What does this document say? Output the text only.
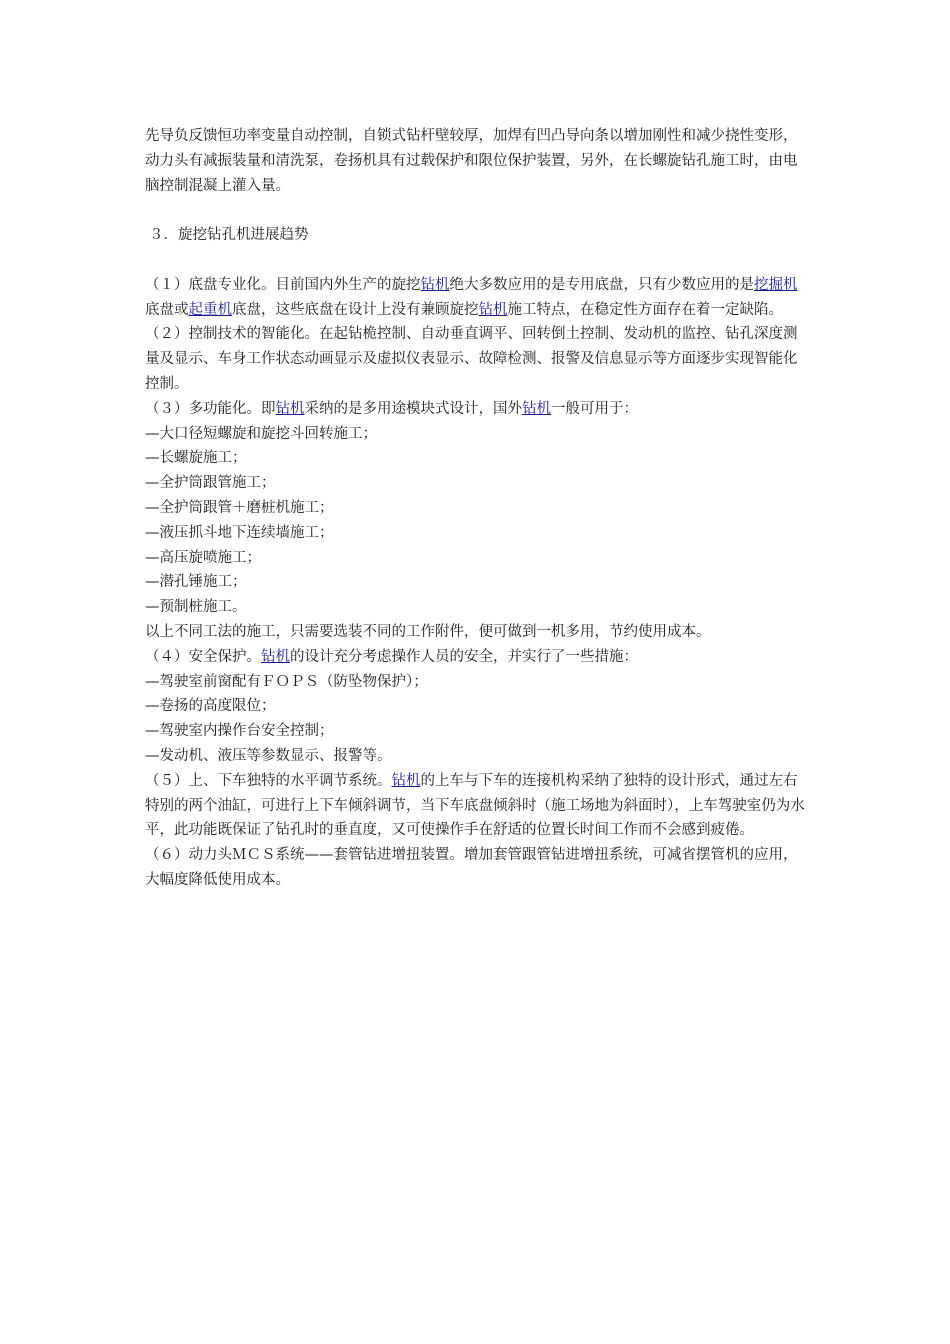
先导负反馈恒功率变量自动控制，自锁式钻杆壁较厚，加焊有凹凸导向条以增加刚性和减少挠性变形，动力头有减振装量和清洗泵，卷扬机具有过载保护和限位保护装置，另外，在长螺旋钻孔施工时，由电脑控制混凝上灌入量。

３．旋挖钻孔机进展趋势

（１）底盘专业化。目前国内外生产的旋挖钻机绝大多数应用的是专用底盘，只有少数应用的是挖掘机底盘或起重机底盘，这些底盘在设计上没有兼顾旋挖钻机施工特点，在稳定性方面存在着一定缺陷。

（２）控制技术的智能化。在起钻桅控制、自动垂直调平、回转倒土控制、发动机的监控、钻孔深度测量及显示、车身工作状态动画显示及虚拟仪表显示、故障检测、报警及信息显示等方面逐步实现智能化控制。

（３）多功能化。即钻机采纳的是多用途模块式设计，国外钻机一般可用于：

—大口径短螺旋和旋挖斗回转施工；

—长螺旋施工；

—全护筒跟管施工；

—全护筒跟管＋磨桩机施工；

—液压抓斗地下连续墙施工；

—高压旋喷施工；

—潜孔锤施工；

—预制桩施工。

以上不同工法的施工，只需要选装不同的工作附件，便可做到一机多用，节约使用成本。

（４）安全保护。钻机的设计充分考虑操作人员的安全，并实行了一些措施：

—驾驶室前窗配有ＦＯＰＳ（防坠物保护）；

—卷扬的高度限位；

—驾驶室内操作台安全控制；

—发动机、液压等参数显示、报警等。

（５）上、下车独特的水平调节系统。钻机的上车与下车的连接机构采纳了独特的设计形式，通过左右特别的两个油缸，可进行上下车倾斜调节，当下车底盘倾斜时（施工场地为斜面时），上车驾驶室仍为水平，此功能既保证了钻孔时的垂直度，又可使操作手在舒适的位置长时间工作而不会感到疲倦。

（６）动力头ＭＣＳ系统——套管钻进增扭装置。增加套管跟管钻进增扭系统，可减省摆管机的应用，大幅度降低使用成本。
